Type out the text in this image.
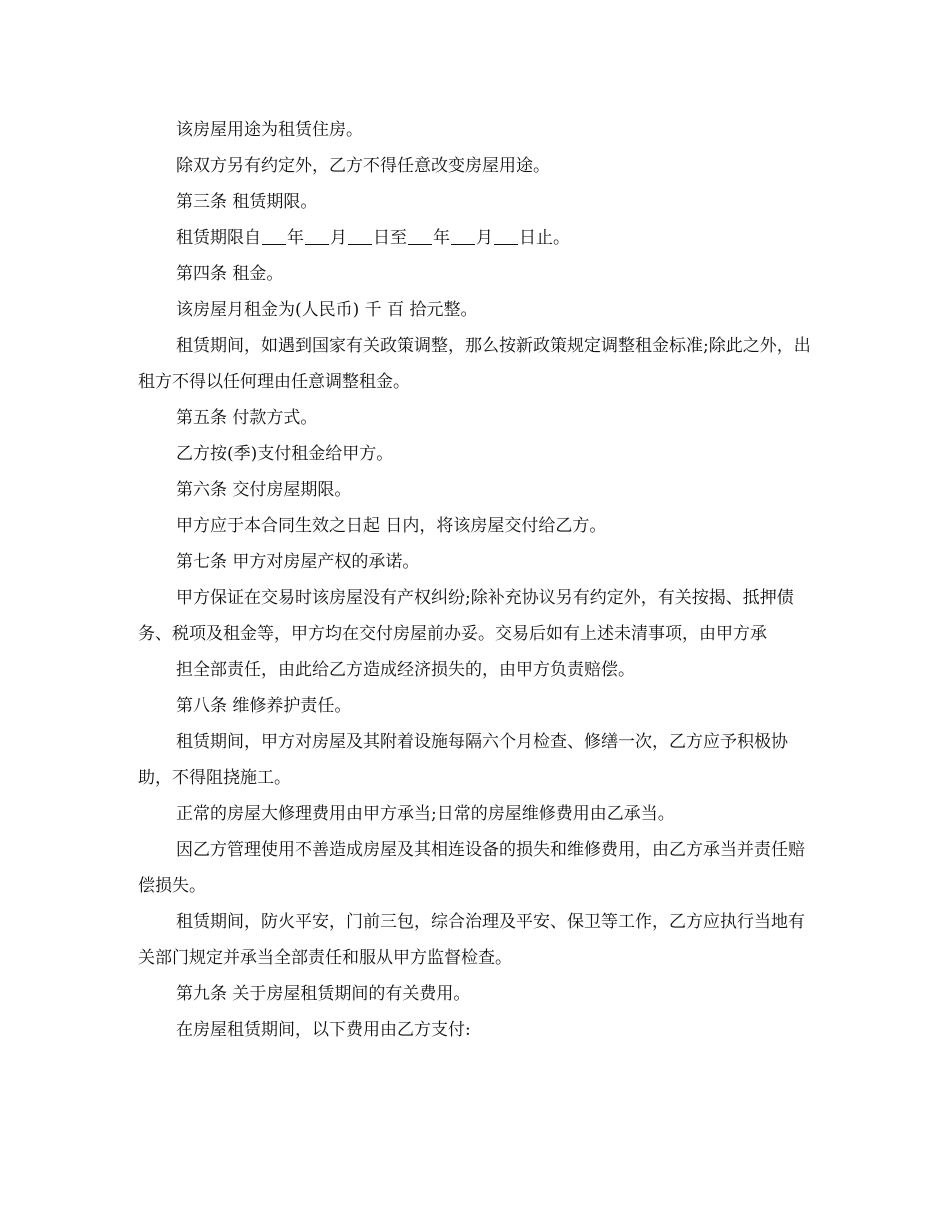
该房屋用途为租赁住房。

除双方另有约定外，乙方不得任意改变房屋用途。

第三条 租赁期限。

租赁期限自 年 月 日至 年 月 日止。

第四条 租金。

该房屋月租金为(人民币) 千 百 拾元整。

租赁期间，如遇到国家有关政策调整，那么按新政策规定调整租金标准;除此之外，出租方不得以任何理由任意调整租金。

第五条 付款方式。

乙方按(季)支付租金给甲方。

第六条 交付房屋期限。

甲方应于本合同生效之日起 日内，将该房屋交付给乙方。

第七条 甲方对房屋产权的承诺。

甲方保证在交易时该房屋没有产权纠纷;除补充协议另有约定外，有关按揭、抵押债务、税项及租金等，甲方均在交付房屋前办妥。交易后如有上述未清事项，由甲方承

担全部责任，由此给乙方造成经济损失的，由甲方负责赔偿。

第八条 维修养护责任。

租赁期间，甲方对房屋及其附着设施每隔六个月检查、修缮一次，乙方应予积极协助，不得阻挠施工。

正常的房屋大修理费用由甲方承当;日常的房屋维修费用由乙承当。

因乙方管理使用不善造成房屋及其相连设备的损失和维修费用，由乙方承当并责任赔偿损失。

租赁期间，防火平安，门前三包，综合治理及平安、保卫等工作，乙方应执行当地有关部门规定并承当全部责任和服从甲方监督检查。

第九条 关于房屋租赁期间的有关费用。

在房屋租赁期间，以下费用由乙方支付:
